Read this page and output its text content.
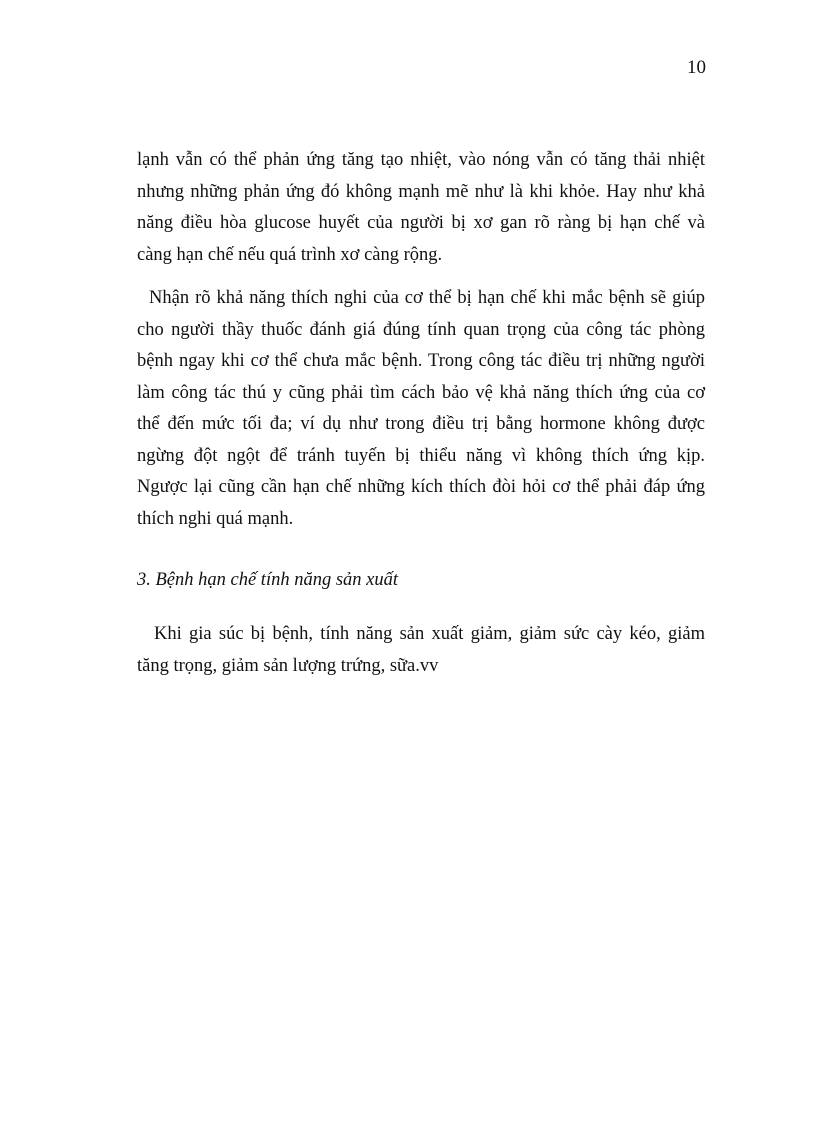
10
lạnh vẫn có thể phản ứng tăng tạo nhiệt, vào nóng vẫn có tăng thải nhiệt
nhưng những phản ứng đó không mạnh mẽ như là khi khỏe. Hay như khả
năng điều hòa glucose huyết của người bị xơ gan rõ ràng bị hạn chế và
càng hạn chế nếu quá trình xơ càng rộng.
Nhận rõ khả năng thích nghi của cơ thể bị hạn chế khi mắc bệnh sẽ giúp
cho người thầy thuốc đánh giá đúng tính quan trọng của công tác phòng
bệnh ngay khi cơ thể chưa mắc bệnh. Trong công tác điều trị những người
làm công tác thú y cũng phải tìm cách bảo vệ khả năng thích ứng của cơ
thể đến mức tối đa; ví dụ như trong điều trị bằng hormone không được
ngừng đột ngột để tránh tuyến bị thiểu năng vì không thích ứng kịp.
Ngược lại cũng cần hạn chế những kích thích đòi hỏi cơ thể phải đáp ứng
thích nghi quá mạnh.
3. Bệnh hạn chế tính năng sản xuất
Khi gia súc bị bệnh, tính năng sản xuất giảm, giảm sức cày kéo, giảm
tăng trọng, giảm sản lượng trứng, sữa.vv
